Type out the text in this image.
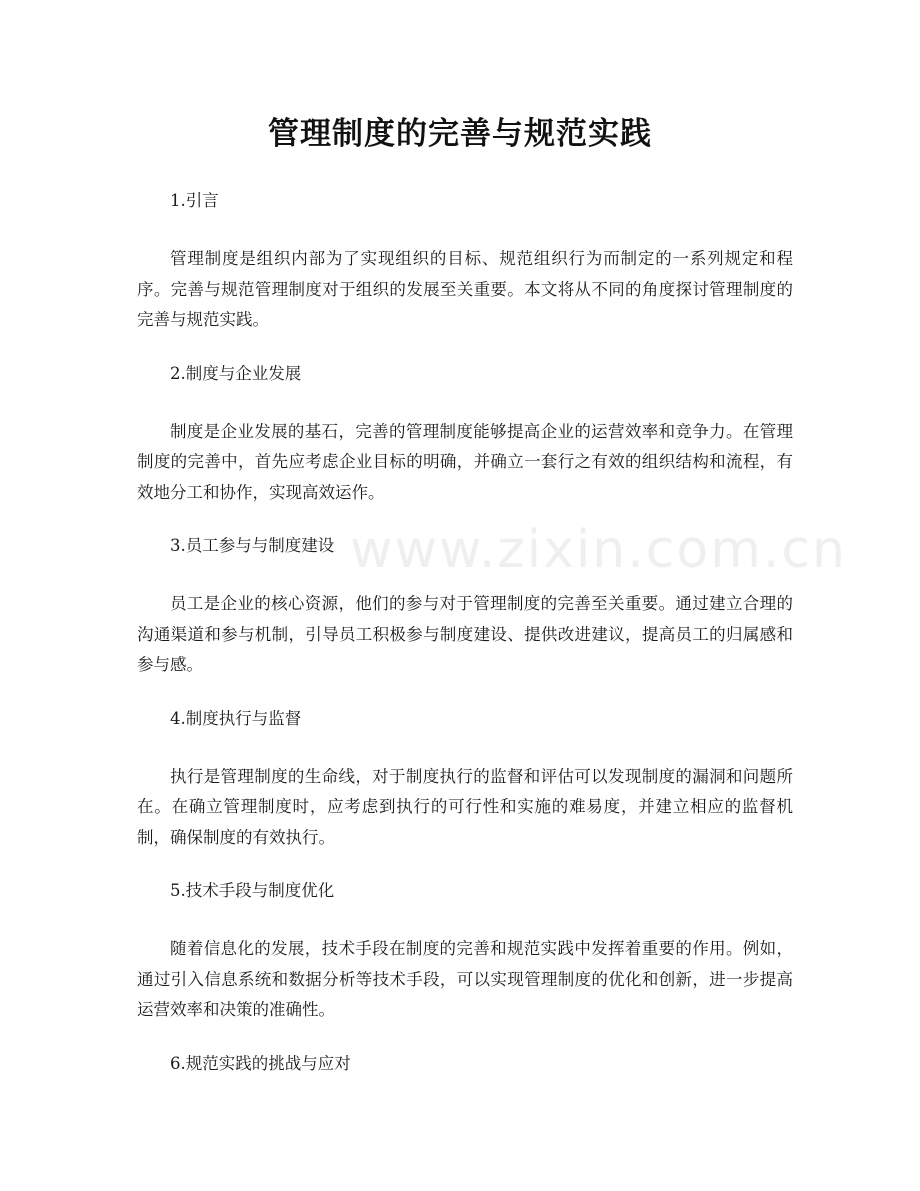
www.zixin.com.cn
管理制度的完善与规范实践

1.引言

管理制度是组织内部为了实现组织的目标、规范组织行为而制定的一系列规定和程序。完善与规范管理制度对于组织的发展至关重要。本文将从不同的角度探讨管理制度的完善与规范实践。

2.制度与企业发展

制度是企业发展的基石，完善的管理制度能够提高企业的运营效率和竞争力。在管理制度的完善中，首先应考虑企业目标的明确，并确立一套行之有效的组织结构和流程，有效地分工和协作，实现高效运作。

3.员工参与与制度建设

员工是企业的核心资源，他们的参与对于管理制度的完善至关重要。通过建立合理的沟通渠道和参与机制，引导员工积极参与制度建设、提供改进建议，提高员工的归属感和参与感。

4.制度执行与监督

执行是管理制度的生命线，对于制度执行的监督和评估可以发现制度的漏洞和问题所在。在确立管理制度时，应考虑到执行的可行性和实施的难易度，并建立相应的监督机制，确保制度的有效执行。

5.技术手段与制度优化

随着信息化的发展，技术手段在制度的完善和规范实践中发挥着重要的作用。例如，通过引入信息系统和数据分析等技术手段，可以实现管理制度的优化和创新，进一步提高运营效率和决策的准确性。

6.规范实践的挑战与应对
